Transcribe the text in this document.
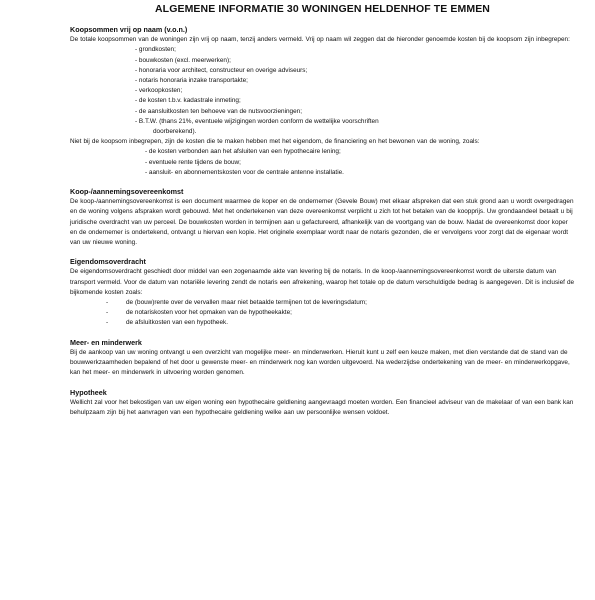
ALGEMENE INFORMATIE 30 WONINGEN HELDENHOF TE EMMEN

Koopsommen vrij op naam (v.o.n.)

De totale koopsommen van de woningen zijn vrij op naam, tenzij anders vermeld. Vrij op naam wil zeggen dat de hieronder genoemde kosten bij de koopsom zijn inbegrepen:

- grondkosten;
- bouwkosten (excl. meerwerken);
- honoraria voor architect, constructeur en overige adviseurs;
- notaris honoraria inzake transportakte;
- verkoopkosten;
- de kosten t.b.v. kadastrale inmeting;
- de aansluitkosten ten behoeve van de nutsvoorzieningen;
- B.T.W. (thans 21%, eventuele wijzigingen worden conform de wettelijke voorschriften
doorberekend).

Niet bij de koopsom inbegrepen, zijn de kosten die te maken hebben met het eigendom, de financiering en het bewonen van de woning, zoals:

- de kosten verbonden aan het afsluiten van een hypothecaire lening;
- eventuele rente tijdens de bouw;
- aansluit- en abonnementskosten voor de centrale antenne installatie.

Koop-/aannemingsovereenkomst

De koop-/aannemingsovereenkomst is een document waarmee de koper en de ondernemer (Gevele Bouw) met elkaar afspreken dat een stuk grond aan u wordt overgedragen en de woning volgens afspraken wordt gebouwd. Met het ondertekenen van deze overeenkomst verplicht u zich tot het betalen van de koopprijs. Uw grondaandeel betaalt u bij juridische overdracht van uw perceel. De bouwkosten worden in termijnen aan u gefactureerd, afhankelijk van de voortgang van de bouw. Nadat de overeenkomst door koper en de ondernemer is ondertekend, ontvangt u hiervan een kopie. Het originele exemplaar wordt naar de notaris gezonden, die er vervolgens voor zorgt dat de eigenaar wordt van uw nieuwe woning.

Eigendomsoverdracht

De eigendomsoverdracht geschiedt door middel van een zogenaamde akte van levering bij de notaris. In de koop-/aannemingsovereenkomst wordt de uiterste datum van transport vermeld. Voor de datum van notariële levering zendt de notaris een afrekening, waarop het totale op de datum verschuldigde bedrag is aangegeven. Dit is inclusief de bijkomende kosten zoals:

-	de (bouw)rente over de vervallen maar niet betaalde termijnen tot de leveringsdatum;
-	de notariskosten voor het opmaken van de hypotheekakte;
-	de afsluitkosten van een hypotheek.

Meer- en minderwerk

Bij de aankoop van uw woning ontvangt u een overzicht van mogelijke meer- en minderwerken. Hieruit kunt u zelf een keuze maken, met dien verstande dat de stand van de bouwwerkzaamheden bepalend of het door u gewenste meer- en minderwerk nog kan worden uitgevoerd. Na wederzijdse ondertekening van de meer- en minderwerkopgave, kan het meer- en minderwerk in uitvoering worden genomen.

Hypotheek

Wellicht zal voor het bekostigen van uw eigen woning een hypothecaire geldlening aangevraagd moeten worden. Een financieel adviseur van de makelaar of van een bank kan behulpzaam zijn bij het aanvragen van een hypothecaire geldlening welke aan uw persoonlijke wensen voldoet.
